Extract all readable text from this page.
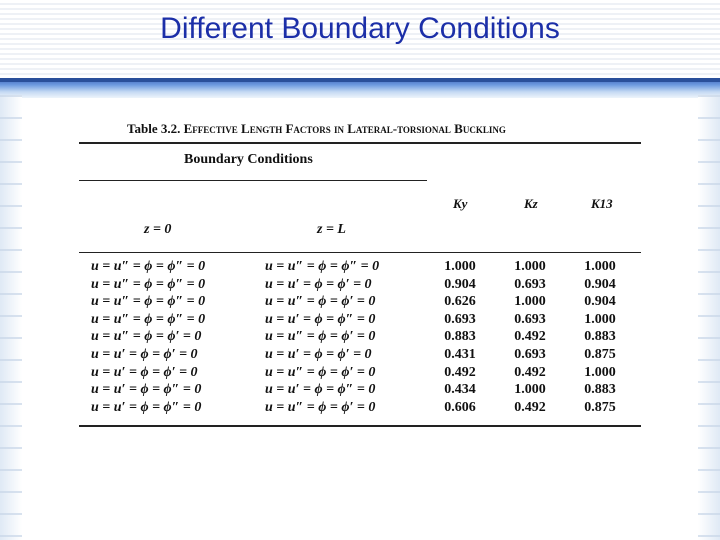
Different Boundary Conditions
Table 3.2. Effective Length Factors in Lateral-torsional Buckling
Boundary Conditions
z = 0	z = L
Ky	Kz	K13
u = u″ = ϕ = ϕ″ = 0	u = u″ = ϕ = ϕ″ = 0	1.000	1.000	1.000
u = u″ = ϕ = ϕ″ = 0	u = u′ = ϕ = ϕ′ = 0	0.904	0.693	0.904
u = u″ = ϕ = ϕ″ = 0	u = u″ = ϕ = ϕ′ = 0	0.626	1.000	0.904
u = u″ = ϕ = ϕ″ = 0	u = u′ = ϕ = ϕ″ = 0	0.693	0.693	1.000
u = u″ = ϕ = ϕ′ = 0	u = u″ = ϕ = ϕ′ = 0	0.883	0.492	0.883
u = u′ = ϕ = ϕ′ = 0	u = u′ = ϕ = ϕ′ = 0	0.431	0.693	0.875
u = u′ = ϕ = ϕ′ = 0	u = u″ = ϕ = ϕ′ = 0	0.492	0.492	1.000
u = u′ = ϕ = ϕ″ = 0	u = u′ = ϕ = ϕ″ = 0	0.434	1.000	0.883
u = u′ = ϕ = ϕ″ = 0	u = u″ = ϕ = ϕ′ = 0	0.606	0.492	0.875
